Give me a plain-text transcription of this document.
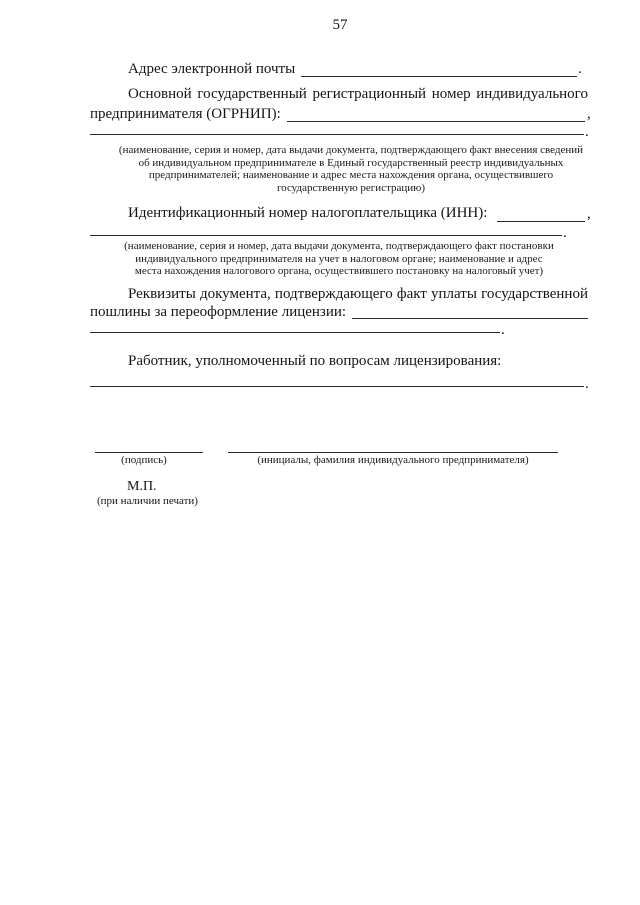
57
Адрес электронной почты	.
Основной государственный регистрационный номер индивидуального
предпринимателя (ОГРНИП):	,
.
(наименование, серия и номер, дата выдачи документа, подтверждающего факт внесения сведений
об индивидуальном предпринимателе в Единый государственный реестр индивидуальных
предпринимателей; наименование и адрес места нахождения органа, осуществившего
государственную регистрацию)
Идентификационный номер налогоплательщика (ИНН):	,
.
(наименование, серия и номер, дата выдачи документа, подтверждающего факт постановки
индивидуального предпринимателя на учет в налоговом органе; наименование и адрес
места нахождения налогового органа, осуществившего постановку на налоговый учет)
Реквизиты документа, подтверждающего факт уплаты государственной
пошлины за переоформление лицензии:
.
Работник, уполномоченный по вопросам лицензирования:
.
(подпись)	(инициалы, фамилия индивидуального предпринимателя)
М.П.
(при наличии печати)
